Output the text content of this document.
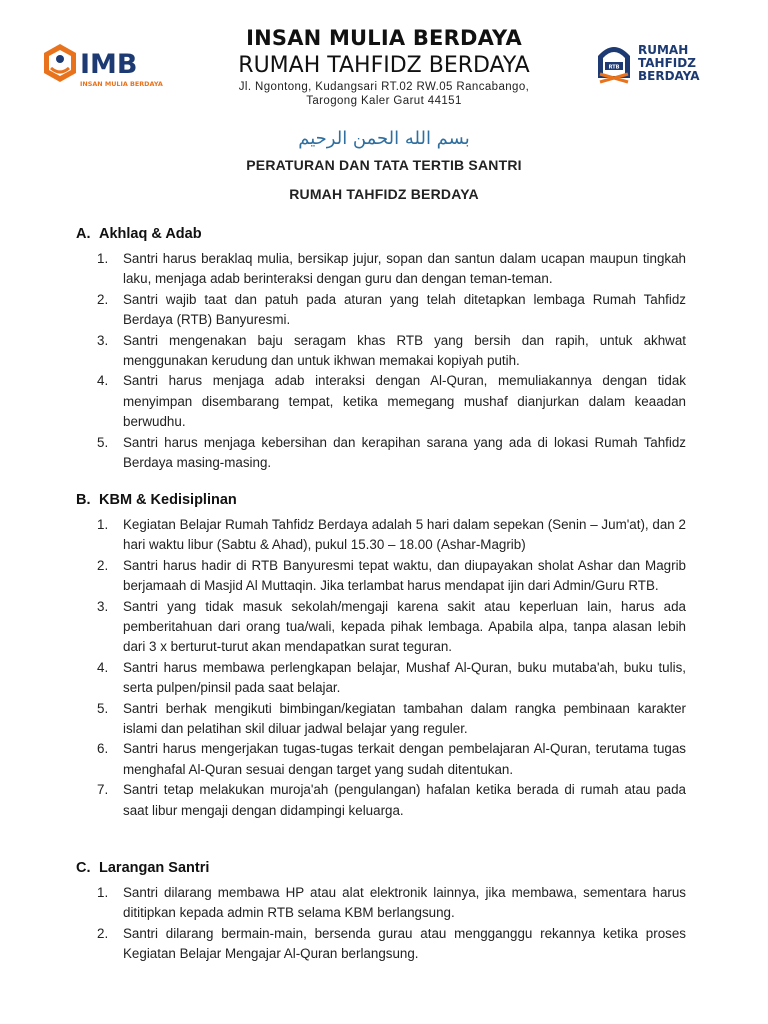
IMB
INSAN MULIA BERDAYA
INSAN MULIA BERDAYA
RUMAH TAHFIDZ BERDAYA
Jl. Ngontong, Kudangsari RT.02 RW.05 Rancabango,
Tarogong Kaler Garut 44151
RTB
RUMAH
TAHFIDZ
BERDAYA
بسم الله الحمن الرحيم
PERATURAN DAN TATA TERTIB SANTRI
RUMAH TAHFIDZ BERDAYA
A. Akhlaq & Adab
1.	Santri harus beraklaq mulia, bersikap jujur, sopan dan santun dalam ucapan maupun tingkah laku, menjaga adab berinteraksi dengan guru dan dengan teman-teman.
2.	Santri wajib taat dan patuh pada aturan yang telah ditetapkan lembaga Rumah Tahfidz Berdaya (RTB) Banyuresmi.
3.	Santri mengenakan baju seragam khas RTB yang bersih dan rapih, untuk akhwat menggunakan kerudung dan untuk ikhwan memakai kopiyah putih.
4.	Santri harus menjaga adab interaksi dengan Al-Quran, memuliakannya dengan tidak menyimpan disembarang tempat, ketika memegang mushaf dianjurkan dalam keaadan berwudhu.
5.	Santri harus menjaga kebersihan dan kerapihan sarana yang ada di lokasi Rumah Tahfidz Berdaya masing-masing.
B. KBM & Kedisiplinan
1.	Kegiatan Belajar Rumah Tahfidz Berdaya adalah 5 hari dalam sepekan (Senin – Jum'at), dan 2 hari waktu libur (Sabtu & Ahad), pukul 15.30 – 18.00 (Ashar-Magrib)
2.	Santri harus hadir di RTB Banyuresmi tepat waktu, dan diupayakan sholat Ashar dan Magrib berjamaah di Masjid Al Muttaqin. Jika terlambat harus mendapat ijin dari Admin/Guru RTB.
3.	Santri yang tidak masuk sekolah/mengaji karena sakit atau keperluan lain, harus ada pemberitahuan dari orang tua/wali, kepada pihak lembaga. Apabila alpa, tanpa alasan lebih dari 3 x berturut-turut akan mendapatkan surat teguran.
4.	Santri harus membawa perlengkapan belajar, Mushaf Al-Quran, buku mutaba'ah, buku tulis, serta pulpen/pinsil pada saat belajar.
5.	Santri berhak mengikuti bimbingan/kegiatan tambahan dalam rangka pembinaan karakter islami dan pelatihan skil diluar jadwal belajar yang reguler.
6.	Santri harus mengerjakan tugas-tugas terkait dengan pembelajaran Al-Quran, terutama tugas menghafal Al-Quran sesuai dengan target yang sudah ditentukan.
7.	Santri tetap melakukan muroja'ah (pengulangan) hafalan ketika berada di rumah atau pada saat libur mengaji dengan didampingi keluarga.
C. Larangan Santri
1.	Santri dilarang membawa HP atau alat elektronik lainnya, jika membawa, sementara harus dititipkan kepada admin RTB selama KBM berlangsung.
2.	Santri dilarang bermain-main, bersenda gurau atau mengganggu rekannya ketika proses Kegiatan Belajar Mengajar Al-Quran berlangsung.
